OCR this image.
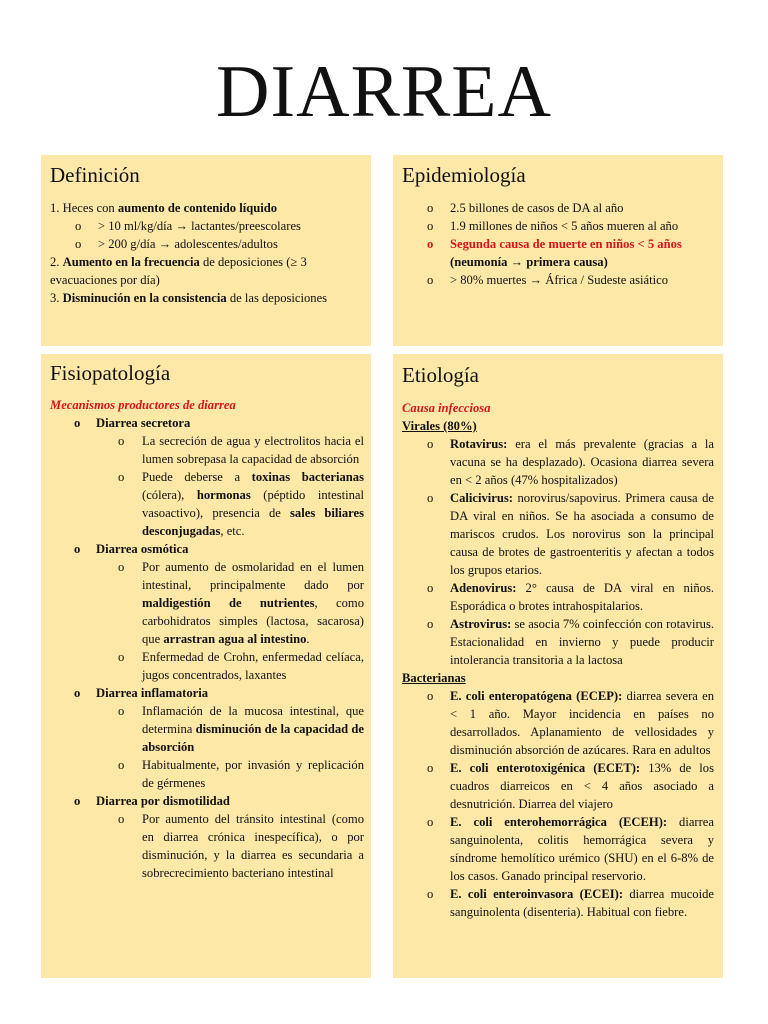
DIARREA
Definición

1. Heces con aumento de contenido líquido

o > 10 ml/kg/día → lactantes/preescolares

o > 200 g/día → adolescentes/adultos

2. Aumento en la frecuencia de deposiciones (≥ 3

evacuaciones por día)

3. Disminución en la consistencia de las deposiciones

Epidemiología

o 2.5 billones de casos de DA al año

o 1.9 millones de niños < 5 años mueren al año

o Segunda causa de muerte en niños < 5 años

(neumonía → primera causa)

o > 80% muertes → África / Sudeste asiático

Fisiopatología

Mecanismos productores de diarrea

o Diarrea secretora

o La secreción de agua y electrolitos hacia el lumen sobrepasa la capacidad de absorción

o Puede deberse a toxinas bacterianas (cólera), hormonas (péptido intestinal vasoactivo), presencia de sales biliares desconjugadas, etc.

o Diarrea osmótica

o Por aumento de osmolaridad en el lumen intestinal, principalmente dado por maldigestión de nutrientes, como carbohidratos simples (lactosa, sacarosa) que arrastran agua al intestino.

o Enfermedad de Crohn, enfermedad celíaca, jugos concentrados, laxantes

o Diarrea inflamatoria

o Inflamación de la mucosa intestinal, que determina disminución de la capacidad de absorción

o Habitualmente, por invasión y replicación de gérmenes

o Diarrea por dismotilidad

o Por aumento del tránsito intestinal (como en diarrea crónica inespecífica), o por disminución, y la diarrea es secundaria a sobrecrecimiento bacteriano intestinal

Etiología

Causa infecciosa

Virales (80%)

o Rotavirus: era el más prevalente (gracias a la vacuna se ha desplazado). Ocasiona diarrea severa en < 2 años (47% hospitalizados)

o Calicivirus: norovirus/sapovirus. Primera causa de DA viral en niños. Se ha asociada a consumo de mariscos crudos. Los norovirus son la principal causa de brotes de gastroenteritis y afectan a todos los grupos etarios.

o Adenovirus: 2° causa de DA viral en niños. Esporádica o brotes intrahospitalarios.

o Astrovirus: se asocia 7% coinfección con rotavirus. Estacionalidad en invierno y puede producir intolerancia transitoria a la lactosa

Bacterianas

o E. coli enteropatógena (ECEP): diarrea severa en < 1 año. Mayor incidencia en países no desarrollados. Aplanamiento de vellosidades y disminución absorción de azúcares. Rara en adultos

o E. coli enterotoxigénica (ECET): 13% de los cuadros diarreicos en < 4 años asociado a desnutrición. Diarrea del viajero

o E. coli enterohemorrágica (ECEH): diarrea sanguinolenta, colitis hemorrágica severa y síndrome hemolítico urémico (SHU) en el 6-8% de los casos. Ganado principal reservorio.

o E. coli enteroinvasora (ECEI): diarrea mucoide sanguinolenta (disenteria). Habitual con fiebre.
